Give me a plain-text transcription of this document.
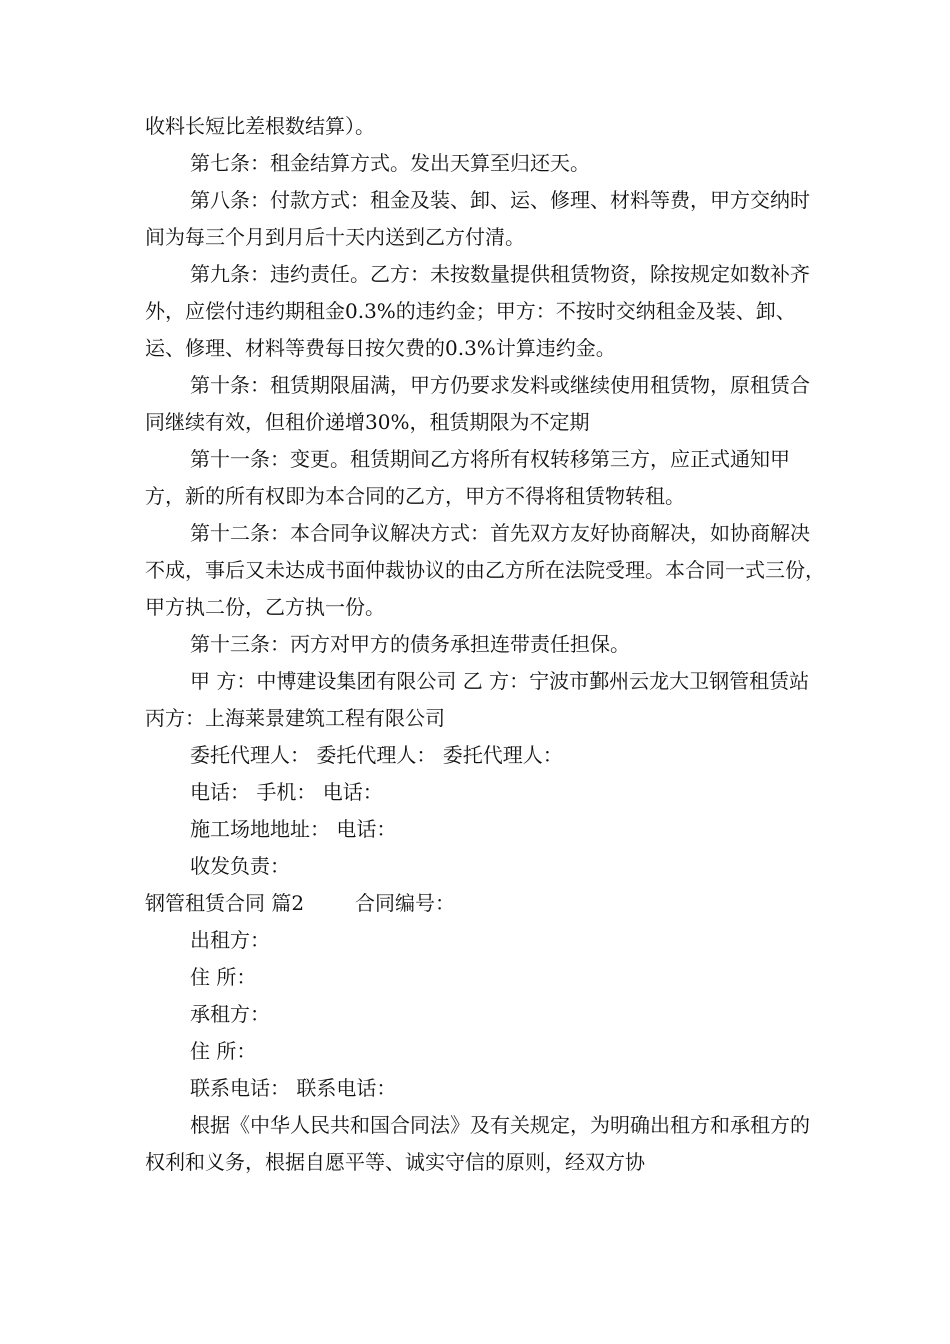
收料长短比差根数结算）。

第七条：租金结算方式。发出天算至归还天。

第八条：付款方式：租金及装、卸、运、修理、材料等费，甲方交纳时间为每三个月到月后十天内送到乙方付清。

第九条：违约责任。乙方：未按数量提供租赁物资，除按规定如数补齐外，应偿付违约期租金0.3%的违约金；甲方：不按时交纳租金及装、卸、运、修理、材料等费每日按欠费的0.3%计算违约金。

第十条：租赁期限届满，甲方仍要求发料或继续使用租赁物，原租赁合同继续有效，但租价递增30%，租赁期限为不定期

第十一条：变更。租赁期间乙方将所有权转移第三方，应正式通知甲方，新的所有权即为本合同的乙方，甲方不得将租赁物转租。

第十二条：本合同争议解决方式：首先双方友好协商解决，如协商解决不成，事后又未达成书面仲裁协议的由乙方所在法院受理。本合同一式三份，甲方执二份，乙方执一份。

第十三条：丙方对甲方的债务承担连带责任担保。

甲 方：中博建设集团有限公司 乙 方：宁波市鄞州云龙大卫钢管租赁站 丙方：上海莱景建筑工程有限公司

委托代理人： 委托代理人： 委托代理人：

电话： 手机： 电话：

施工场地地址： 电话：

收发负责：

钢管租赁合同 篇2        合同编号：

出租方：

住 所：

承租方：

住 所：

联系电话： 联系电话：

根据《中华人民共和国合同法》及有关规定，为明确出租方和承租方的权利和义务，根据自愿平等、诚实守信的原则，经双方协
